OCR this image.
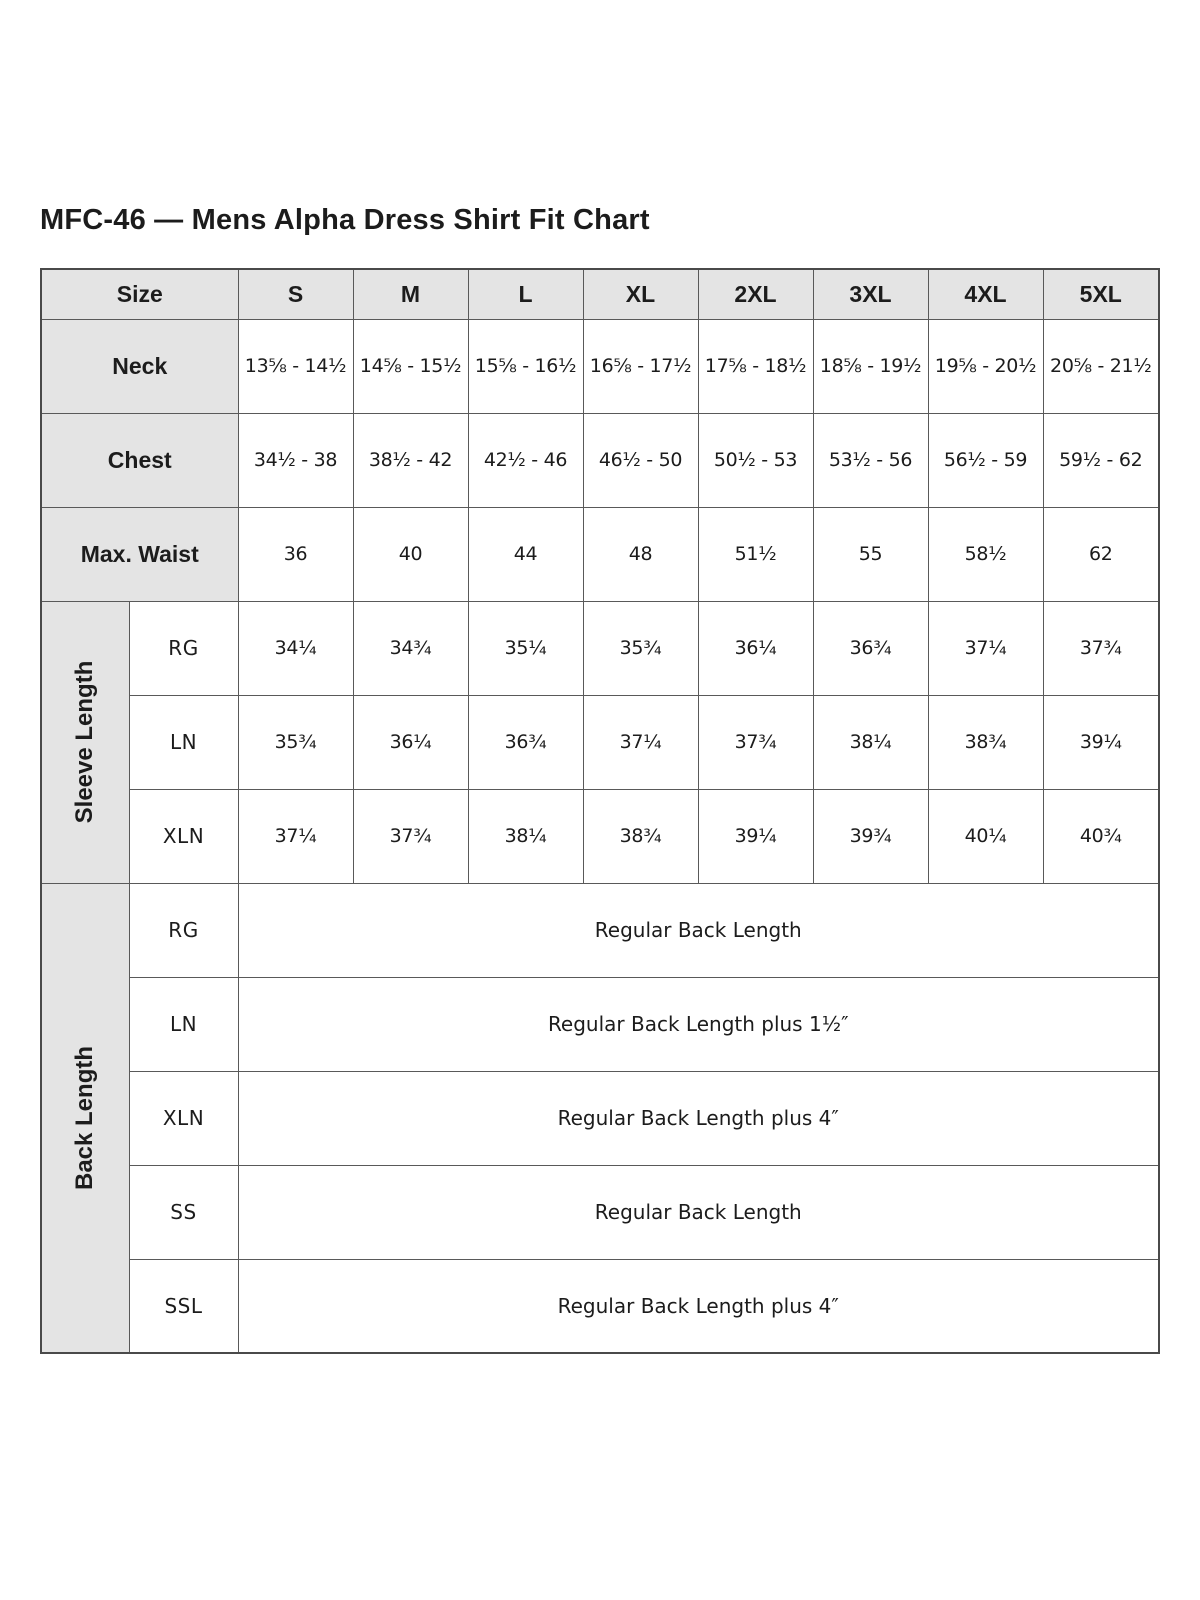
MFC-46 — Mens Alpha Dress Shirt Fit Chart
Size		S	M	L	XL	2XL	3XL	4XL	5XL
Neck		13⅝ - 14½	14⅝ - 15½	15⅝ - 16½	16⅝ - 17½	17⅝ - 18½	18⅝ - 19½	19⅝ - 20½	20⅝ - 21½
Chest		34½ - 38	38½ - 42	42½ - 46	46½ - 50	50½ - 53	53½ - 56	56½ - 59	59½ - 62
Max. Waist		36	40	44	48	51½	55	58½	62

Sleeve Length	RG	34¼	34¾	35¼	35¾	36¼	36¾	37¼	37¾
	LN	35¾	36¼	36¾	37¼	37¾	38¼	38¾	39¼
	XLN	37¼	37¾	38¼	38¾	39¼	39¾	40¼	40¾

Back Length	RG	Regular Back Length							
	LN	Regular Back Length plus 1½″							
	XLN	Regular Back Length plus 4″							
	SS	Regular Back Length							
	SSL	Regular Back Length plus 4″							
